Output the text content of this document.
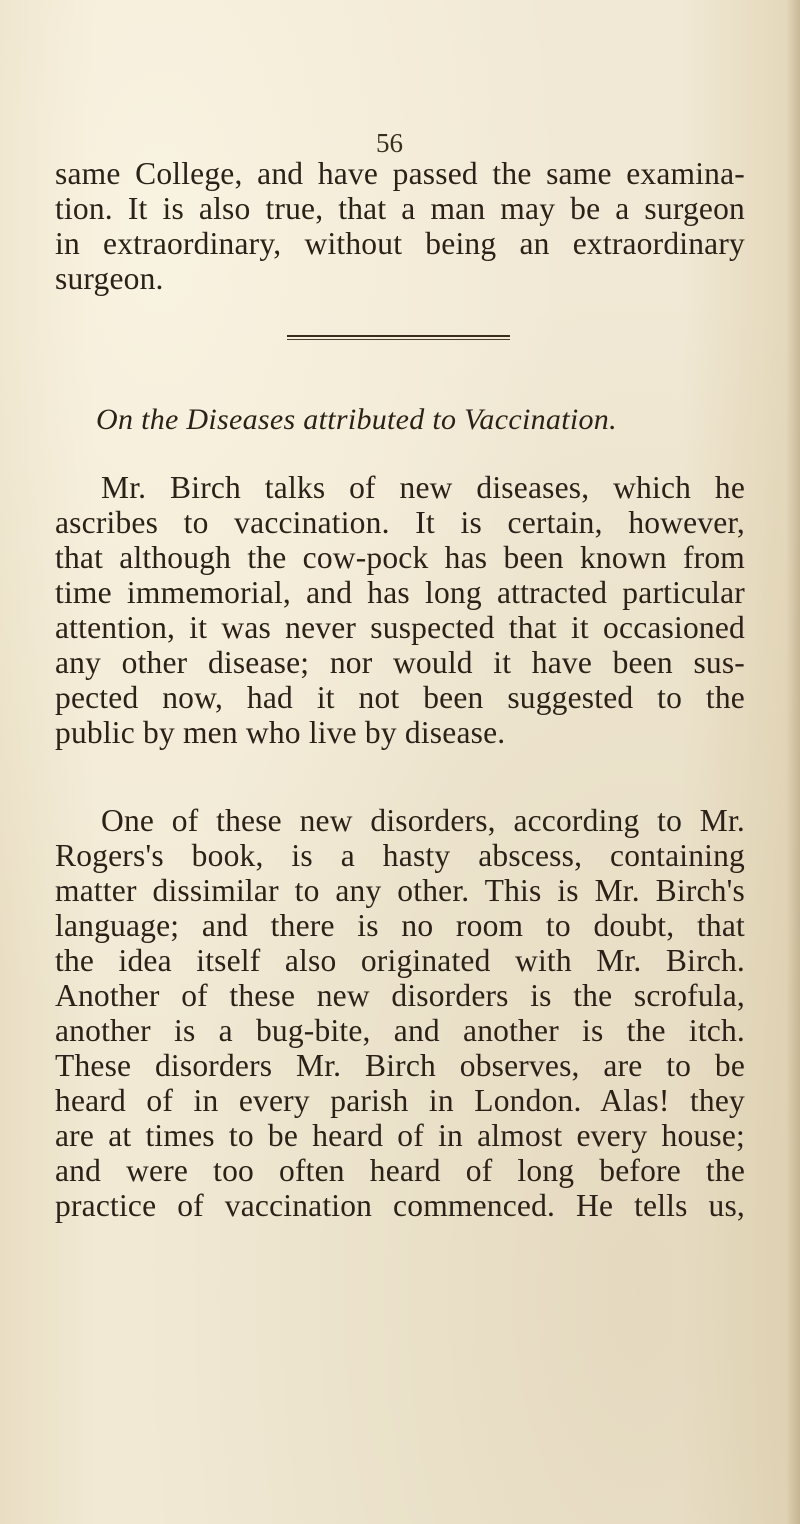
56
same College, and have passed the same examina-
tion. It is also true, that a man may be a surgeon
in extraordinary, without being an extraordinary
surgeon.
On the Diseases attributed to Vaccination.
Mr. Birch talks of new diseases, which he
ascribes to vaccination. It is certain, however,
that although the cow-pock has been known from
time immemorial, and has long attracted particular
attention, it was never suspected that it occasioned
any other disease; nor would it have been sus-
pected now, had it not been suggested to the
public by men who live by disease.
One of these new disorders, according to Mr.
Rogers's book, is a hasty abscess, containing
matter dissimilar to any other. This is Mr. Birch's
language; and there is no room to doubt, that
the idea itself also originated with Mr. Birch.
Another of these new disorders is the scrofula,
another is a bug-bite, and another is the itch.
These disorders Mr. Birch observes, are to be
heard of in every parish in London. Alas! they
are at times to be heard of in almost every house;
and were too often heard of long before the
practice of vaccination commenced. He tells us,
